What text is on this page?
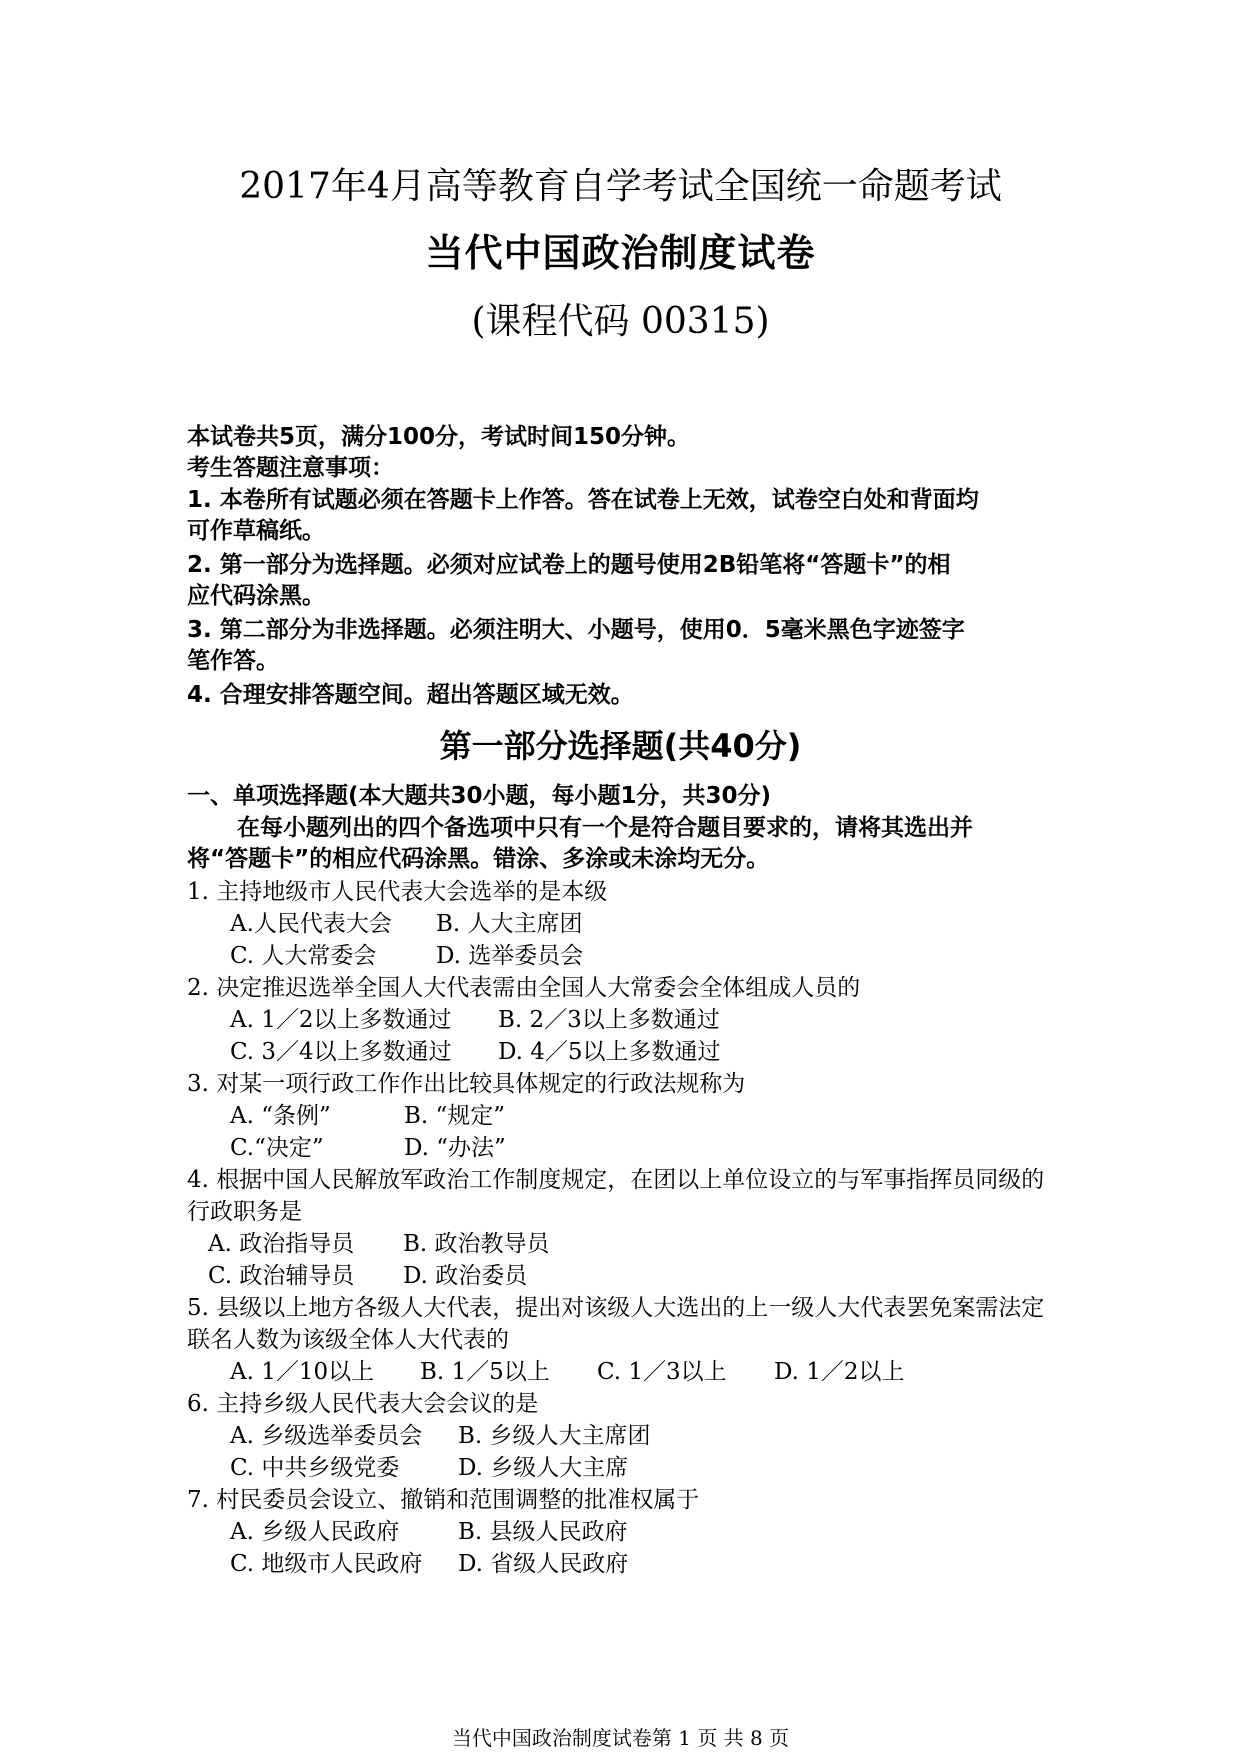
2017年4月高等教育自学考试全国统一命题考试
当代中国政治制度试卷
(课程代码 00315)
本试卷共5页，满分100分，考试时间150分钟。
考生答题注意事项：
1. 本卷所有试题必须在答题卡上作答。答在试卷上无效，试卷空白处和背面均
可作草稿纸。
2. 第一部分为选择题。必须对应试卷上的题号使用2B铅笔将“答题卡”的相
应代码涂黑。
3. 第二部分为非选择题。必须注明大、小题号，使用0．5毫米黑色字迹签字
笔作答。
4. 合理安排答题空间。超出答题区域无效。
第一部分选择题(共40分)
一、单项选择题(本大题共30小题，每小题1分，共30分)
在每小题列出的四个备选项中只有一个是符合题目要求的，请将其选出并
将“答题卡”的相应代码涂黑。错涂、多涂或未涂均无分。
1. 主持地级市人民代表大会选举的是本级
A.人民代表大会 B. 人大主席团
C. 人大常委会	D. 选举委员会
2. 决定推迟选举全国人大代表需由全国人大常委会全体组成人员的
A. 1／2以上多数通过 B. 2／3以上多数通过
C. 3／4以上多数通过 D. 4／5以上多数通过
3. 对某一项行政工作作出比较具体规定的行政法规称为
A. “条例”	B. “规定”
C.“决定”	D. “办法”
4. 根据中国人民解放军政治工作制度规定，在团以上单位设立的与军事指挥员同级的
行政职务是
A. 政治指导员 B. 政治教导员
C. 政治辅导员 D. 政治委员
5. 县级以上地方各级人大代表，提出对该级人大选出的上一级人大代表罢免案需法定
联名人数为该级全体人大代表的
A. 1／10以上 B. 1／5以上 C. 1／3以上 D. 1／2以上
6. 主持乡级人民代表大会会议的是
A. 乡级选举委员会 B. 乡级人大主席团
C. 中共乡级党委	D. 乡级人大主席
7. 村民委员会设立、撤销和范围调整的批准权属于
A. 乡级人民政府	B. 县级人民政府
C. 地级市人民政府 D. 省级人民政府
当代中国政治制度试卷第 1 页 共 8 页
